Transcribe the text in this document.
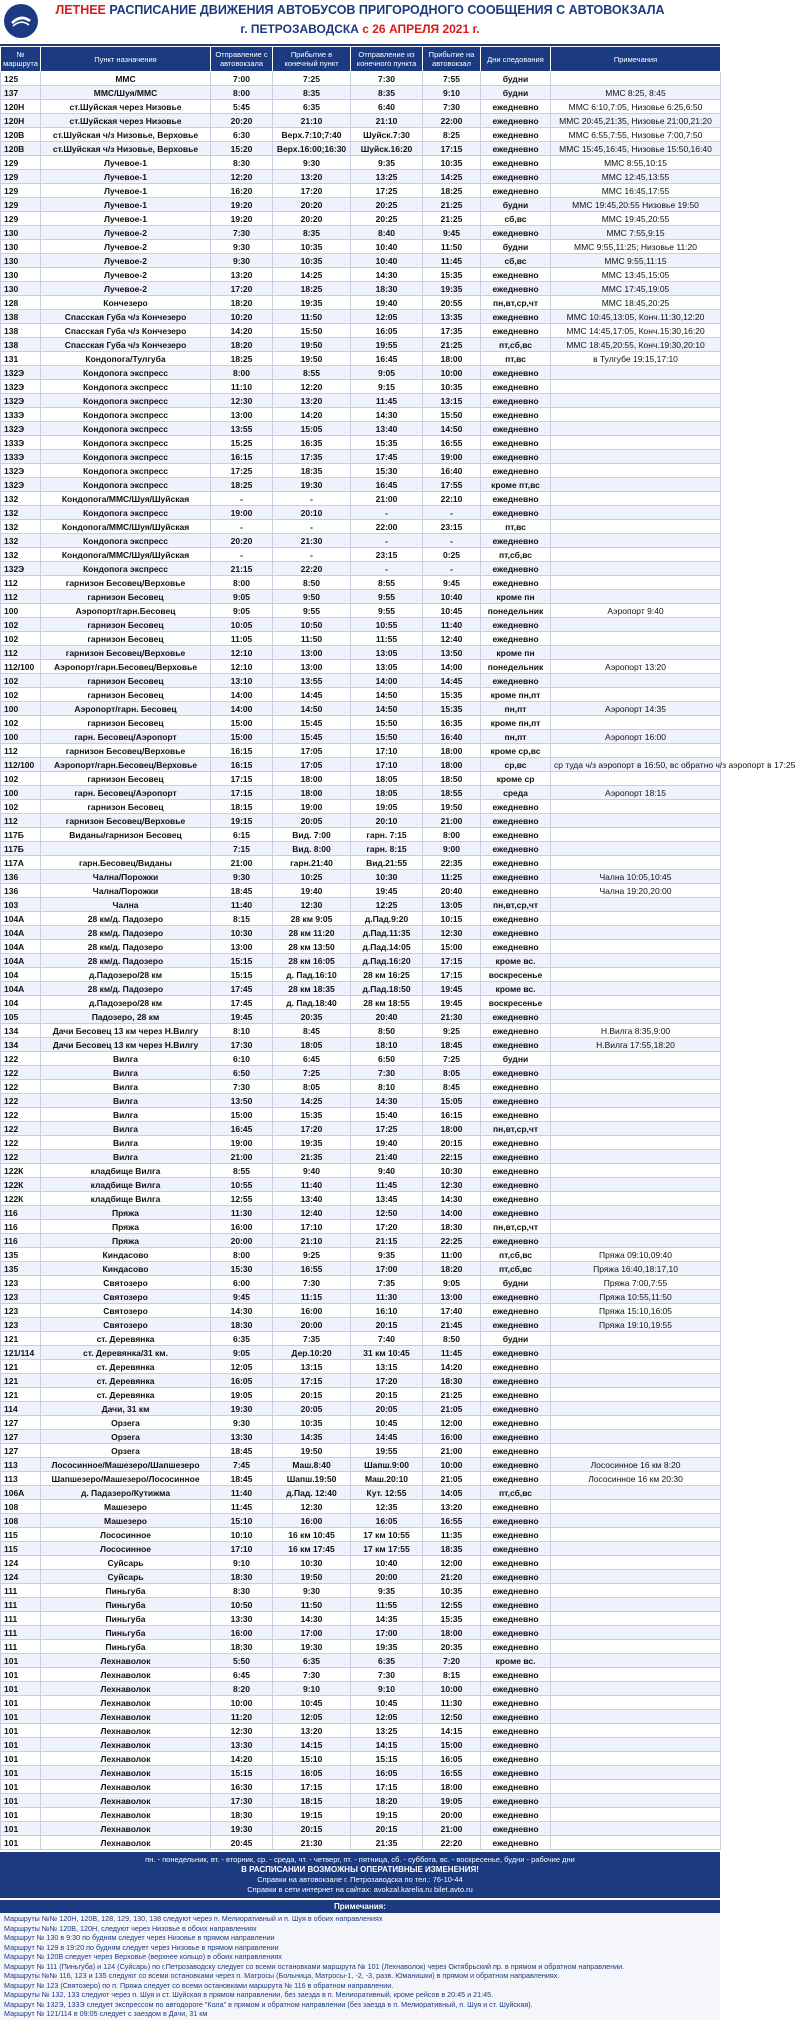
ЛЕТНЕЕ РАСПИСАНИЕ ДВИЖЕНИЯ АВТОБУСОВ ПРИГОРОДНОГО СООБЩЕНИЯ С АВТОВОКЗАЛА
г. ПЕТРОЗАВОДСКА с 26 АПРЕЛЯ 2021 г.
№ маршрута	Пункт назначения	Отправление с автовокзала	Прибытие в конечный пункт	Отправление из конечного пункта	Прибытие на автовокзал	Дни следования	Примечания
125	ММС	7:00	7:25	7:30	7:55	будни	
137	ММС/Шуя/ММС	8:00	8:35	8:35	9:10	будни	ММС 8:25, 8:45
120Н	ст.Шуйская через Низовье	5:45	6:35	6:40	7:30	ежедневно	ММС 6:10,7:05, Низовье 6:25,6:50
120Н	ст.Шуйская через Низовье	20:20	21:10	21:10	22:00	ежедневно	ММС 20:45,21:35, Низовье 21:00,21:20
120В	ст.Шуйская ч/з Низовье, Верховье	6:30	Верх.7:10;7:40	Шуйск.7:30	8:25	ежедневно	ММС 6:55,7:55, Низовье 7:00,7:50
120В	ст.Шуйская ч/з Низовье, Верховье	15:20	Верх.16:00;16:30	Шуйск.16:20	17:15	ежедневно	ММС 15:45,16:45, Низовье 15:50,16:40
129	Лучевое-1	8:30	9:30	9:35	10:35	ежедневно	ММС 8:55,10:15
129	Лучевое-1	12:20	13:20	13:25	14:25	ежедневно	ММС 12:45,13:55
129	Лучевое-1	16:20	17:20	17:25	18:25	ежедневно	ММС 16:45,17:55
129	Лучевое-1	19:20	20:20	20:25	21:25	будни	ММС 19:45,20:55 Низовье 19:50
129	Лучевое-1	19:20	20:20	20:25	21:25	сб,вс	ММС 19:45,20:55
130	Лучевое-2	7:30	8:35	8:40	9:45	ежедневно	ММС 7:55,9:15
130	Лучевое-2	9:30	10:35	10:40	11:50	будни	ММС 9:55,11:25; Низовье 11:20
130	Лучевое-2	9:30	10:35	10:40	11:45	сб,вс	ММС 9:55,11:15
130	Лучевое-2	13:20	14:25	14:30	15:35	ежедневно	ММС 13:45,15:05
130	Лучевое-2	17:20	18:25	18:30	19:35	ежедневно	ММС 17:45,19:05
128	Кончезеро	18:20	19:35	19:40	20:55	пн,вт,ср,чт	ММС 18:45,20:25
138	Спасская Губа ч/з Кончезеро	10:20	11:50	12:05	13:35	ежедневно	ММС 10:45,13:05, Конч.11:30,12:20
138	Спасская Губа ч/з Кончезеро	14:20	15:50	16:05	17:35	ежедневно	ММС 14:45,17:05, Конч.15:30,16:20
138	Спасская Губа ч/з Кончезеро	18:20	19:50	19:55	21:25	пт,сб,вс	ММС 18:45,20:55, Конч.19:30,20:10
131	Кондопога/Тулгуба	18:25	19:50	16:45	18:00	пт,вс	в Тулгубе 19:15,17:10
132Э	Кондопога экспресс	8:00	8:55	9:05	10:00	ежедневно	
132Э	Кондопога экспресс	11:10	12:20	9:15	10:35	ежедневно	
132Э	Кондопога экспресс	12:30	13:20	11:45	13:15	ежедневно	
133Э	Кондопога экспресс	13:00	14:20	14:30	15:50	ежедневно	
132Э	Кондопога экспресс	13:55	15:05	13:40	14:50	ежедневно	
133Э	Кондопога экспресс	15:25	16:35	15:35	16:55	ежедневно	
133Э	Кондопога экспресс	16:15	17:35	17:45	19:00	ежедневно	
132Э	Кондопога экспресс	17:25	18:35	15:30	16:40	ежедневно	
132Э	Кондопога экспресс	18:25	19:30	16:45	17:55	кроме пт,вс	
132	Кондопога/ММС/Шуя/Шуйская	-	-	21:00	22:10	ежедневно	
132	Кондопога экспресс	19:00	20:10	-	-	ежедневно	
132	Кондопога/ММС/Шуя/Шуйская	-	-	22:00	23:15	пт,вс	
132	Кондопога экспресс	20:20	21:30	-	-	ежедневно	
132	Кондопога/ММС/Шуя/Шуйская	-	-	23:15	0:25	пт,сб,вс	
132Э	Кондопога экспресс	21:15	22:20	-	-	ежедневно	
112	гарнизон Бесовец/Верховье	8:00	8:50	8:55	9:45	ежедневно	
112	гарнизон Бесовец	9:05	9:50	9:55	10:40	кроме пн	
100	Аэропорт/гарн.Бесовец	9:05	9:55	9:55	10:45	понедельник	Аэропорт 9:40
102	гарнизон Бесовец	10:05	10:50	10:55	11:40	ежедневно	
102	гарнизон Бесовец	11:05	11:50	11:55	12:40	ежедневно	
112	гарнизон Бесовец/Верховье	12:10	13:00	13:05	13:50	кроме пн	
112/100	Аэропорт/гарн.Бесовец/Верховье	12:10	13:00	13:05	14:00	понедельник	Аэропорт 13:20
102	гарнизон Бесовец	13:10	13:55	14:00	14:45	ежедневно	
102	гарнизон Бесовец	14:00	14:45	14:50	15:35	кроме пн,пт	
100	Аэропорт/гарн. Бесовец	14:00	14:50	14:50	15:35	пн,пт	Аэропорт 14:35
102	гарнизон Бесовец	15:00	15:45	15:50	16:35	кроме пн,пт	
100	гарн. Бесовец/Аэропорт	15:00	15:45	15:50	16:40	пн,пт	Аэропорт 16:00
112	гарнизон Бесовец/Верховье	16:15	17:05	17:10	18:00	кроме ср,вс	
112/100	Аэропорт/гарн.Бесовец/Верховье	16:15	17:05	17:10	18:00	ср,вс	ср туда ч/з аэропорт в 16:50, вс обратно ч/з аэропорт в 17:25
102	гарнизон Бесовец	17:15	18:00	18:05	18:50	кроме ср	
100	гарн. Бесовец/Аэропорт	17:15	18:00	18:05	18:55	среда	Аэропорт 18:15
102	гарнизон Бесовец	18:15	19:00	19:05	19:50	ежедневно	
112	гарнизон Бесовец/Верховье	19:15	20:05	20:10	21:00	ежедневно	
117Б	Виданы/гарнизон Бесовец	6:15	Вид. 7:00	гарн. 7:15	8:00	ежедневно	
117Б		7:15	Вид. 8:00	гарн. 8:15	9:00	ежедневно	
117А	гарн.Бесовец/Виданы	21:00	гарн.21:40	Вид.21:55	22:35	ежедневно	
136	Чална/Порожки	9:30	10:25	10:30	11:25	ежедневно	Чална 10:05,10:45
136	Чална/Порожки	18:45	19:40	19:45	20:40	ежедневно	Чална 19:20,20:00
103	Чална	11:40	12:30	12:25	13:05	пн,вт,ср,чт	
104А	28 км/д. Падозеро	8:15	28 км 9:05	д.Пад.9:20	10:15	ежедневно	
104А	28 км/д. Падозеро	10:30	28 км 11:20	д.Пад.11:35	12:30	ежедневно	
104А	28 км/д. Падозеро	13:00	28 км 13:50	д.Пад.14:05	15:00	ежедневно	
104А	28 км/д. Падозеро	15:15	28 км 16:05	д.Пад.16:20	17:15	кроме вс.	
104	д.Падозеро/28 км	15:15	д. Пад.16:10	28 км 16:25	17:15	воскресенье	
104А	28 км/д. Падозеро	17:45	28 км 18:35	д.Пад.18:50	19:45	кроме вс.	
104	д.Падозеро/28 км	17:45	д. Пад.18:40	28 км 18:55	19:45	воскресенье	
105	Падозеро, 28 км	19:45	20:35	20:40	21:30	ежедневно	
134	Дачи Бесовец 13 км через Н.Вилгу	8:10	8:45	8:50	9:25	ежедневно	Н.Вилга 8:35,9:00
134	Дачи Бесовец 13 км через Н.Вилгу	17:30	18:05	18:10	18:45	ежедневно	Н.Вилга 17:55,18:20
122	Вилга	6:10	6:45	6:50	7:25	будни	
122	Вилга	6:50	7:25	7:30	8:05	ежедневно	
122	Вилга	7:30	8:05	8:10	8:45	ежедневно	
122	Вилга	13:50	14:25	14:30	15:05	ежедневно	
122	Вилга	15:00	15:35	15:40	16:15	ежедневно	
122	Вилга	16:45	17:20	17:25	18:00	пн,вт,ср,чт	
122	Вилга	19:00	19:35	19:40	20:15	ежедневно	
122	Вилга	21:00	21:35	21:40	22:15	ежедневно	
122К	кладбище Вилга	8:55	9:40	9:40	10:30	ежедневно	
122К	кладбище Вилга	10:55	11:40	11:45	12:30	ежедневно	
122К	кладбище Вилга	12:55	13:40	13:45	14:30	ежедневно	
116	Пряжа	11:30	12:40	12:50	14:00	ежедневно	
116	Пряжа	16:00	17:10	17:20	18:30	пн,вт,ср,чт	
116	Пряжа	20:00	21:10	21:15	22:25	ежедневно	
135	Киндасово	8:00	9:25	9:35	11:00	пт,сб,вс	Пряжа 09:10,09:40
135	Киндасово	15:30	16:55	17:00	18:20	пт,сб,вс	Пряжа 16:40,18:17,10
123	Святозеро	6:00	7:30	7:35	9:05	будни	Пряжа 7:00,7:55
123	Святозеро	9:45	11:15	11:30	13:00	ежедневно	Пряжа 10:55,11:50
123	Святозеро	14:30	16:00	16:10	17:40	ежедневно	Пряжа 15:10,16:05
123	Святозеро	18:30	20:00	20:15	21:45	ежедневно	Пряжа 19:10,19:55
121	ст. Деревянка	6:35	7:35	7:40	8:50	будни	
121/114	ст. Деревянка/31 км.	9:05	Дер.10:20	31 км 10:45	11:45	ежедневно	
121	ст. Деревянка	12:05	13:15	13:15	14:20	ежедневно	
121	ст. Деревянка	16:05	17:15	17:20	18:30	ежедневно	
121	ст. Деревянка	19:05	20:15	20:15	21:25	ежедневно	
114	Дачи, 31 км	19:30	20:05	20:05	21:05	ежедневно	
127	Орзега	9:30	10:35	10:45	12:00	ежедневно	
127	Орзега	13:30	14:35	14:45	16:00	ежедневно	
127	Орзега	18:45	19:50	19:55	21:00	ежедневно	
113	Лососинное/Машезеро/Шапшезеро	7:45	Маш.8:40	Шапш.9:00	10:00	ежедневно	Лососинное 16 км 8:20
113	Шапшезеро/Машезеро/Лососинное	18:45	Шапш.19:50	Маш.20:10	21:05	ежедневно	Лососинное 16 км 20:30
106А	д. Падазеро/Кутижма	11:40	д.Пад. 12:40	Кут. 12:55	14:05	пт,сб,вс	
108	Машезеро	11:45	12:30	12:35	13:20	ежедневно	
108	Машезеро	15:10	16:00	16:05	16:55	ежедневно	
115	Лососинное	10:10	16 км 10:45	17 км 10:55	11:35	ежедневно	
115	Лососинное	17:10	16 км 17:45	17 км 17:55	18:35	ежедневно	
124	Суйсарь	9:10	10:30	10:40	12:00	ежедневно	
124	Суйсарь	18:30	19:50	20:00	21:20	ежедневно	
111	Пиньгуба	8:30	9:30	9:35	10:35	ежедневно	
111	Пиньгуба	10:50	11:50	11:55	12:55	ежедневно	
111	Пиньгуба	13:30	14:30	14:35	15:35	ежедневно	
111	Пиньгуба	16:00	17:00	17:00	18:00	ежедневно	
111	Пиньгуба	18:30	19:30	19:35	20:35	ежедневно	
101	Лехнаволок	5:50	6:35	6:35	7:20	кроме вс.	
101	Лехнаволок	6:45	7:30	7:30	8:15	ежедневно	
101	Лехнаволок	8:20	9:10	9:10	10:00	ежедневно	
101	Лехнаволок	10:00	10:45	10:45	11:30	ежедневно	
101	Лехнаволок	11:20	12:05	12:05	12:50	ежедневно	
101	Лехнаволок	12:30	13:20	13:25	14:15	ежедневно	
101	Лехнаволок	13:30	14:15	14:15	15:00	ежедневно	
101	Лехнаволок	14:20	15:10	15:15	16:05	ежедневно	
101	Лехнаволок	15:15	16:05	16:05	16:55	ежедневно	
101	Лехнаволок	16:30	17:15	17:15	18:00	ежедневно	
101	Лехнаволок	17:30	18:15	18:20	19:05	ежедневно	
101	Лехнаволок	18:30	19:15	19:15	20:00	ежедневно	
101	Лехнаволок	19:30	20:15	20:15	21:00	ежедневно	
101	Лехнаволок	20:45	21:30	21:35	22:20	ежедневно	
пн. - понедельник, вт. - вторник, ср. - среда, чт. - четверг, пт. - пятница, сб. - суббота, вс. - воскресенье, будни - рабочие дни
В РАСПИСАНИИ ВОЗМОЖНЫ ОПЕРАТИВНЫЕ ИЗМЕНЕНИЯ!
Справки на автовокзале г. Петрозаводска по тел.: 76-10-44
Справки в сети интернет на сайтах: avokzal.karelia.ru bilet.avto.ru
Примечания:
Маршруты №№ 120Н, 120В, 128, 129, 130, 138 следуют через п. Мелиоративный и п. Шуя в обоих направлениях
Маршруты №№ 120В, 120Н, следуют через Низовье в обоих направлениях
Маршрут № 130 в 9:30 по будням следует через Низовье в прямом направлении
Маршрут № 129 в 19:20 по будням следует через Низовье в прямом направлении
Маршрут № 120В следует через Верховье (верхнее кольцо) в обоих направлениях
Маршрут № 111 (Пиньгуба) и 124 (Суйсарь) по г.Петрозаводску следует со всеми остановками маршрута № 101 (Лехнаволок) через Октябрьский пр. в прямом и обратном направлении.
Маршруты №№ 116, 123 и 135 следуют со всеми остановками через п. Матросы (Больница, Матросы-1, -2, -3, разв. Юманишки) в прямом и обратном направлениях.
Маршрут № 123 (Святозеро) по п. Пряжа следует со всеми остановками маршрута № 116 в обратном направлении.
Маршруты № 132, 133 следуют через п. Шуя и ст. Шуйская в прямом направлении, без заезда в п. Мелиоративный, кроме рейсов в 20:45 и 21:45.
Маршрут № 132Э, 133Э следует экспрессом по автодороге "Кола" в прямом и обратном направлении (без заезда в п. Мелиоративный, п. Шуя и ст. Шуйская).
Маршрут № 121/114 в 09:05 следует с заездом в Дачи, 31 км
